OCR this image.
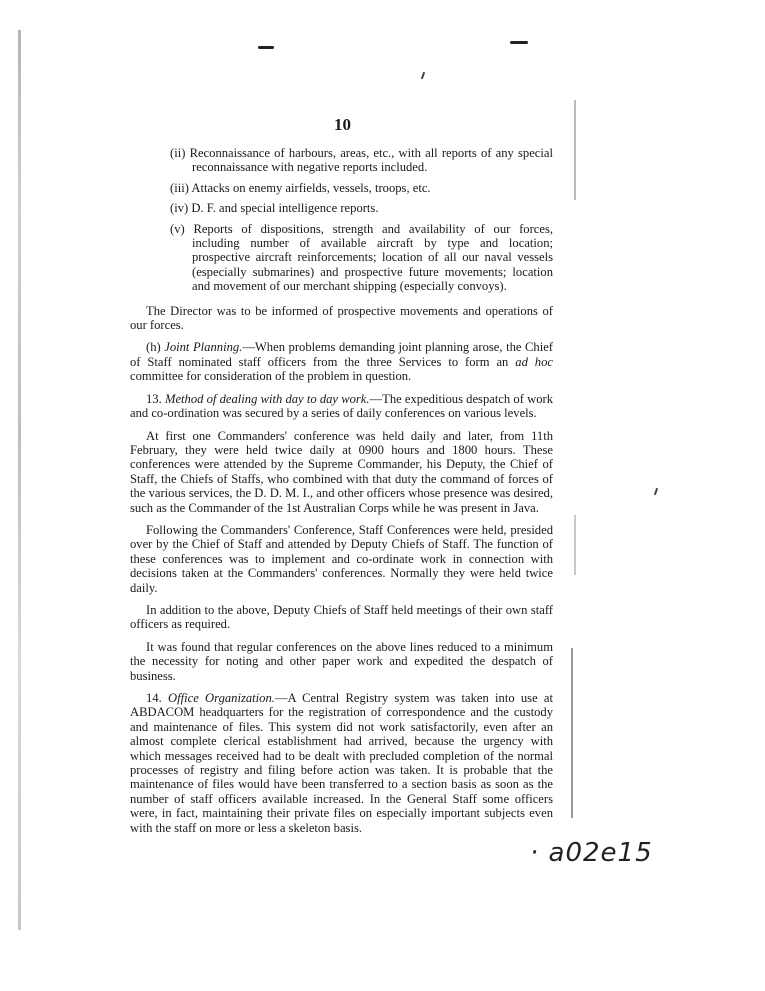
10
(ii) Reconnaissance of harbours, areas, etc., with all reports of any special reconnaissance with negative reports included.
(iii) Attacks on enemy airfields, vessels, troops, etc.
(iv) D. F. and special intelligence reports.
(v) Reports of dispositions, strength and availability of our forces, including number of available aircraft by type and location; prospective aircraft reinforcements; location of all our naval vessels (especially submarines) and prospective future movements; location and movement of our merchant shipping (especially convoys).

The Director was to be informed of prospective movements and operations of our forces.

(h) Joint Planning.—When problems demanding joint planning arose, the Chief of Staff nominated staff officers from the three Services to form an ad hoc committee for consideration of the problem in question.

13. Method of dealing with day to day work.—The expeditious despatch of work and co-ordination was secured by a series of daily conferences on various levels.

At first one Commanders' conference was held daily and later, from 11th February, they were held twice daily at 0900 hours and 1800 hours. These conferences were attended by the Supreme Commander, his Deputy, the Chief of Staff, the Chiefs of Staffs, who combined with that duty the command of forces of the various services, the D. D. M. I., and other officers whose presence was desired, such as the Commander of the 1st Australian Corps while he was present in Java.

Following the Commanders' Conference, Staff Conferences were held, presided over by the Chief of Staff and attended by Deputy Chiefs of Staff. The function of these conferences was to implement and co-ordinate work in connection with decisions taken at the Commanders' conferences. Normally they were held twice daily.

In addition to the above, Deputy Chiefs of Staff held meetings of their own staff officers as required.

It was found that regular conferences on the above lines reduced to a minimum the necessity for noting and other paper work and expedited the despatch of business.

14. Office Organization.—A Central Registry system was taken into use at ABDACOM headquarters for the registration of correspondence and the custody and maintenance of files. This system did not work satisfactorily, even after an almost complete clerical establishment had arrived, because the urgency with which messages received had to be dealt with precluded completion of the normal processes of registry and filing before action was taken. It is probable that the maintenance of files would have been transferred to a section basis as soon as the number of staff officers available increased. In the General Staff some officers were, in fact, maintaining their private files on especially important subjects even with the staff on more or less a skeleton basis.

· a02e15
